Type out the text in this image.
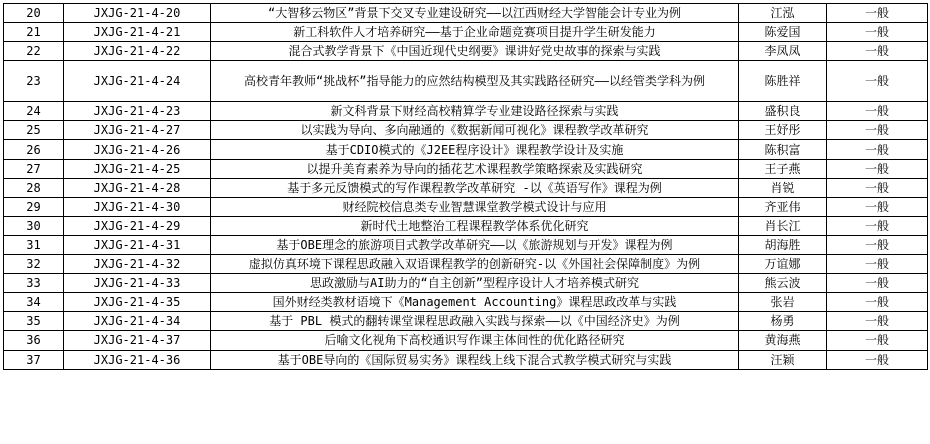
20	JXJG-21-4-20	“大智移云物区”背景下交叉专业建设研究——以江西财经大学智能会计专业为例	江泓	一般
21	JXJG-21-4-21	新工科软件人才培养研究——基于企业命题竞赛项目提升学生研发能力	陈爱国	一般
22	JXJG-21-4-22	混合式教学背景下《中国近现代史纲要》课讲好党史故事的探索与实践	李凤凤	一般
23	JXJG-21-4-24	高校青年教师“挑战杯”指导能力的应然结构模型及其实践路径研究——以经管类学科为例	陈胜祥	一般
24	JXJG-21-4-23	新文科背景下财经高校精算学专业建设路径探索与实践	盛积良	一般
25	JXJG-21-4-27	以实践为导向、多向融通的《数据新闻可视化》课程教学改革研究	王妤彤	一般
26	JXJG-21-4-26	基于CDIO模式的《J2EE程序设计》课程教学设计及实施	陈积富	一般
27	JXJG-21-4-25	以提升美育素养为导向的插花艺术课程教学策略探索及实践研究	王子燕	一般
28	JXJG-21-4-28	基于多元反馈模式的写作课程教学改革研究 -以《英语写作》课程为例	肖锐	一般
29	JXJG-21-4-30	财经院校信息类专业智慧课堂教学模式设计与应用	齐亚伟	一般
30	JXJG-21-4-29	新时代土地整治工程课程教学体系优化研究	肖长江	一般
31	JXJG-21-4-31	基于OBE理念的旅游项目式教学改革研究——以《旅游规划与开发》课程为例	胡海胜	一般
32	JXJG-21-4-32	虚拟仿真环境下课程思政融入双语课程教学的创新研究-以《外国社会保障制度》为例	万谊娜	一般
33	JXJG-21-4-33	思政激励与AI助力的“自主创新”型程序设计人才培养模式研究	熊云波	一般
34	JXJG-21-4-35	国外财经类教材语境下《Management Accounting》课程思政改革与实践	张岩	一般
35	JXJG-21-4-34	基于 PBL 模式的翻转课堂课程思政融入实践与探索——以《中国经济史》为例	杨勇	一般
36	JXJG-21-4-37	后喻文化视角下高校通识写作课主体间性的优化路径研究	黄海燕	一般
37	JXJG-21-4-36	基于OBE导向的《国际贸易实务》课程线上线下混合式教学模式研究与实践	汪颖	一般
